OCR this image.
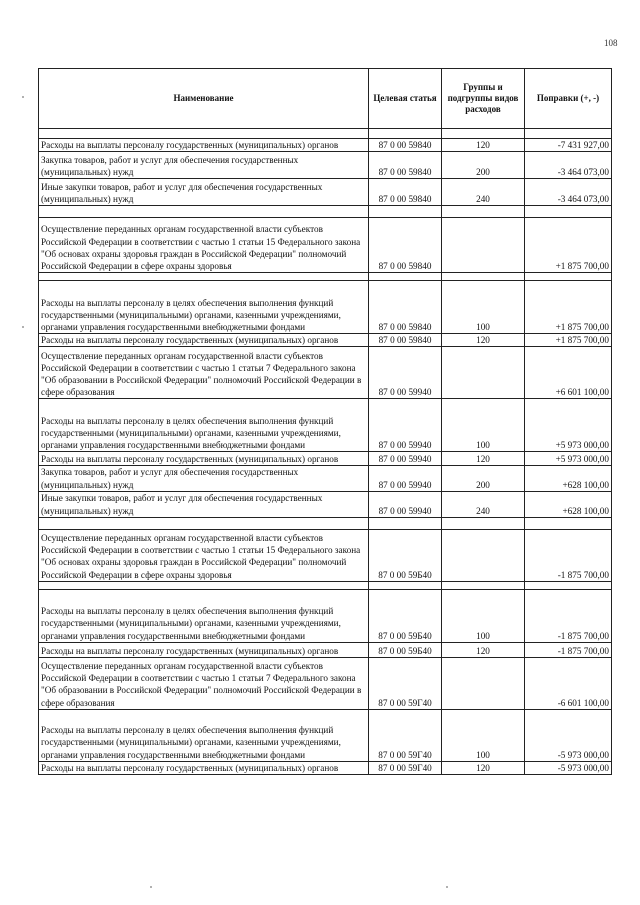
108
Наименование	Целевая статья	Группы и подгруппы видов расходов	Поправки (+, -)

Расходы на выплаты персоналу государственных (муниципальных) органов	87 0 00 59840	120	-7 431 927,00
Закупка товаров, работ и услуг для обеспечения государственных (муниципальных) нужд	87 0 00 59840	200	-3 464 073,00
Иные закупки товаров, работ и услуг для обеспечения государственных (муниципальных) нужд	87 0 00 59840	240	-3 464 073,00

Осуществление переданных органам государственной власти субъектов Российской Федерации в соответствии с частью 1 статьи 15 Федерального закона "Об основах охраны здоровья граждан в Российской Федерации" полномочий Российской Федерации в сфере охраны здоровья	87 0 00 59840		+1 875 700,00

Расходы на выплаты персоналу в целях обеспечения выполнения функций государственными (муниципальными) органами, казенными учреждениями, органами управления государственными внебюджетными фондами	87 0 00 59840	100	+1 875 700,00
Расходы на выплаты персоналу государственных (муниципальных) органов	87 0 00 59840	120	+1 875 700,00
Осуществление переданных органам государственной власти субъектов Российской Федерации в соответствии с частью 1 статьи 7 Федерального закона "Об образовании в Российской Федерации" полномочий Российской Федерации в сфере образования	87 0 00 59940		+6 601 100,00
Расходы на выплаты персоналу в целях обеспечения выполнения функций государственными (муниципальными) органами, казенными учреждениями, органами управления государственными внебюджетными фондами	87 0 00 59940	100	+5 973 000,00
Расходы на выплаты персоналу государственных (муниципальных) органов	87 0 00 59940	120	+5 973 000,00
Закупка товаров, работ и услуг для обеспечения государственных (муниципальных) нужд	87 0 00 59940	200	+628 100,00
Иные закупки товаров, работ и услуг для обеспечения государственных (муниципальных) нужд	87 0 00 59940	240	+628 100,00

Осуществление переданных органам государственной власти субъектов Российской Федерации в соответствии с частью 1 статьи 15 Федерального закона "Об основах охраны здоровья граждан в Российской Федерации" полномочий Российской Федерации в сфере охраны здоровья	87 0 00 59Б40		-1 875 700,00

Расходы на выплаты персоналу в целях обеспечения выполнения функций государственными (муниципальными) органами, казенными учреждениями, органами управления государственными внебюджетными фондами	87 0 00 59Б40	100	-1 875 700,00
Расходы на выплаты персоналу государственных (муниципальных) органов	87 0 00 59Б40	120	-1 875 700,00
Осуществление переданных органам государственной власти субъектов Российской Федерации в соответствии с частью 1 статьи 7 Федерального закона "Об образовании в Российской Федерации" полномочий Российской Федерации в сфере образования	87 0 00 59Г40		-6 601 100,00
Расходы на выплаты персоналу в целях обеспечения выполнения функций государственными (муниципальными) органами, казенными учреждениями, органами управления государственными внебюджетными фондами	87 0 00 59Г40	100	-5 973 000,00
Расходы на выплаты персоналу государственных (муниципальных) органов	87 0 00 59Г40	120	-5 973 000,00
